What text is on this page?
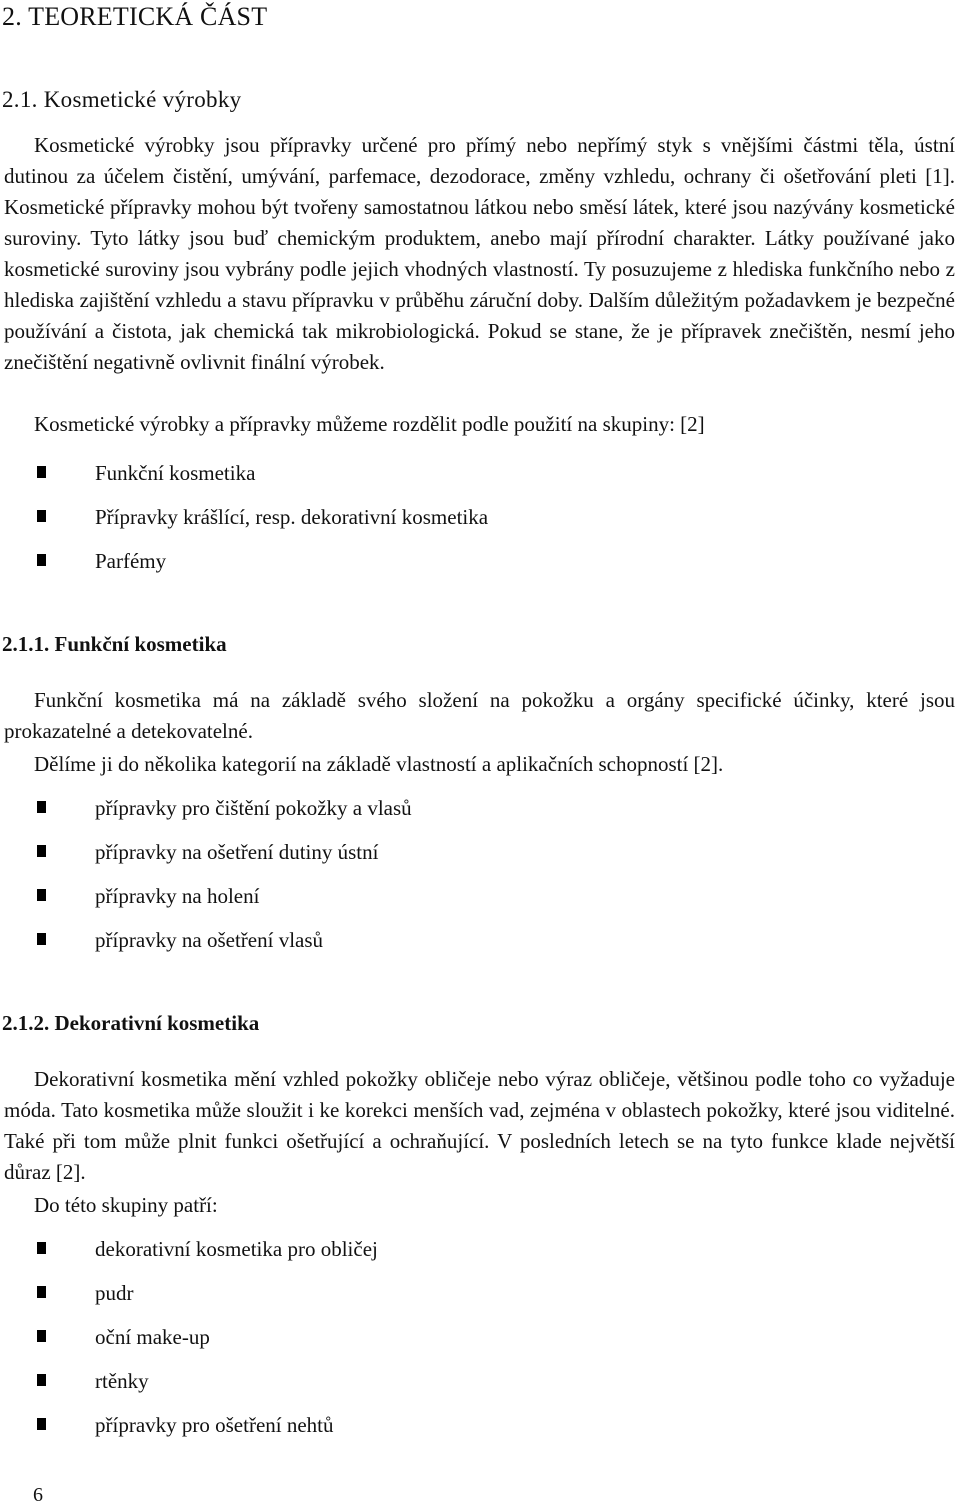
2. TEORETICKÁ ČÁST
2.1. Kosmetické výrobky

Kosmetické výrobky jsou přípravky určené pro přímý nebo nepřímý styk s vnějšími částmi těla, ústní dutinou za účelem čistění, umývání, parfemace, dezodorace, změny vzhledu, ochrany či ošetřování pleti [1]. Kosmetické přípravky mohou být tvořeny samostatnou látkou nebo směsí látek, které jsou nazývány kosmetické suroviny. Tyto látky jsou buď chemickým produktem, anebo mají přírodní charakter. Látky používané jako kosmetické suroviny jsou vybrány podle jejich vhodných vlastností. Ty posuzujeme z hlediska funkčního nebo z hlediska zajištění vzhledu a stavu přípravku v průběhu záruční doby. Dalším důležitým požadavkem je bezpečné používání a čistota, jak chemická tak mikrobiologická. Pokud se stane, že je přípravek znečištěn, nesmí jeho znečištění negativně ovlivnit finální výrobek.

Kosmetické výrobky a přípravky můžeme rozdělit podle použití na skupiny: [2]

Funkční kosmetika
Přípravky krášlící, resp. dekorativní kosmetika
Parfémy
2.1.1. Funkční kosmetika

Funkční kosmetika má na základě svého složení na pokožku a orgány specifické účinky, které jsou prokazatelné a detekovatelné.

Dělíme ji do několika kategorií na základě vlastností a aplikačních schopností [2].

přípravky pro čištění pokožky a vlasů
přípravky na ošetření dutiny ústní
přípravky na holení
přípravky na ošetření vlasů
2.1.2. Dekorativní kosmetika

Dekorativní kosmetika mění vzhled pokožky obličeje nebo výraz obličeje, většinou podle toho co vyžaduje móda. Tato kosmetika může sloužit i ke korekci menších vad, zejména v oblastech pokožky, které jsou viditelné. Také při tom může plnit funkci ošetřující a ochraňující. V posledních letech se na tyto funkce klade největší důraz [2].

Do této skupiny patří:

dekorativní kosmetika pro obličej
pudr
oční make-up
rtěnky
přípravky pro ošetření nehtů

6
